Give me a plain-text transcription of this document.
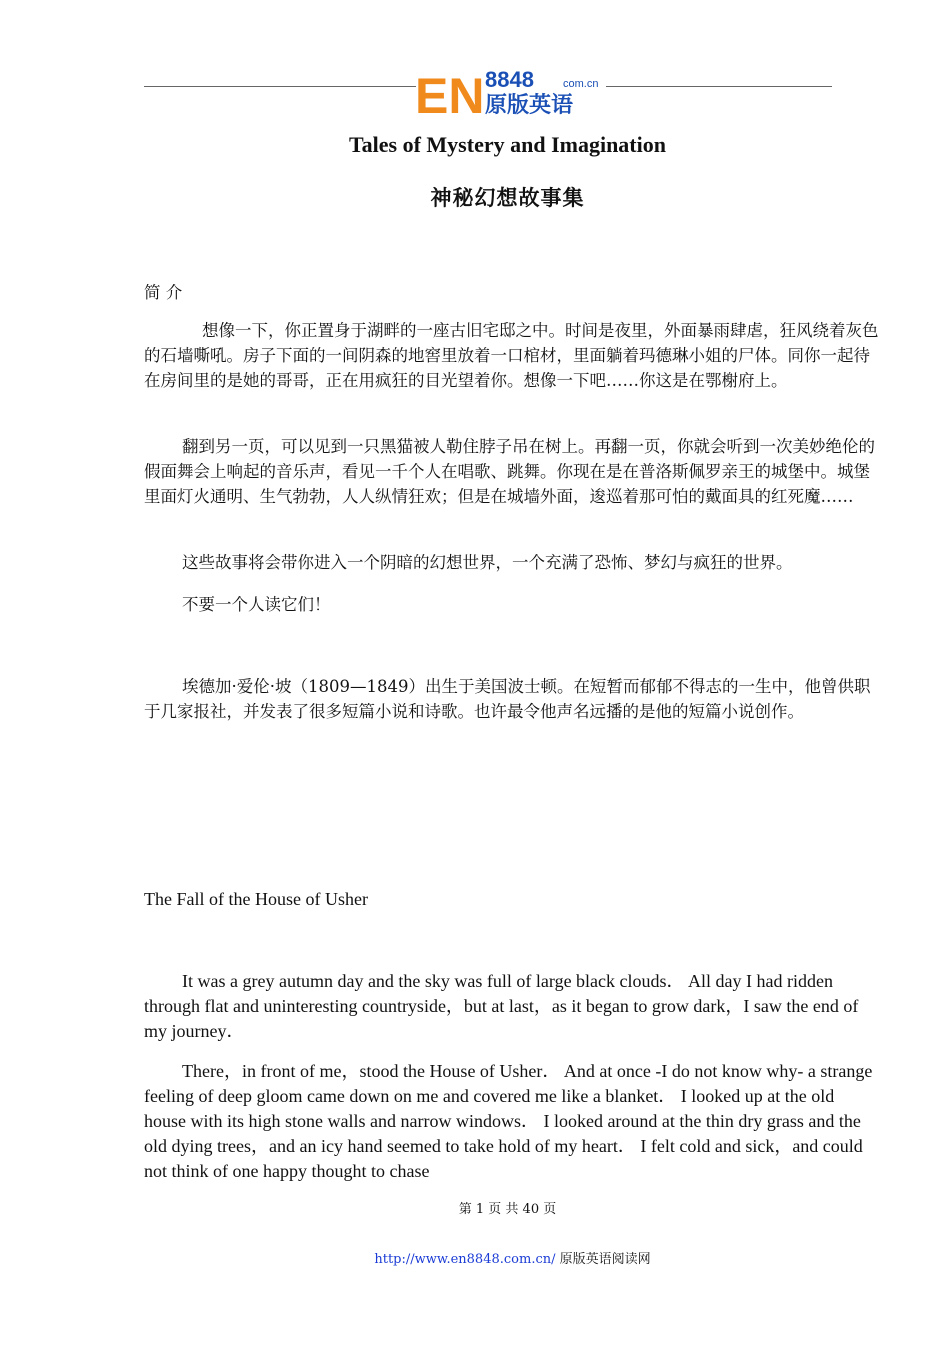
EN 8848	com.cn
原版英语
Tales of Mystery and Imagination
神秘幻想故事集
简 介
想像一下，你正置身于湖畔的一座古旧宅邸之中。时间是夜里，外面暴雨肆虐，狂风绕着灰色的石墙嘶吼。房子下面的一间阴森的地窖里放着一口棺材，里面躺着玛德琳小姐的尸体。同你一起待在房间里的是她的哥哥，正在用疯狂的目光望着你。想像一下吧……你这是在鄂榭府上。
翻到另一页，可以见到一只黑猫被人勒住脖子吊在树上。再翻一页，你就会听到一次美妙绝伦的假面舞会上响起的音乐声，看见一千个人在唱歌、跳舞。你现在是在普洛斯佩罗亲王的城堡中。城堡里面灯火通明、生气勃勃，人人纵情狂欢；但是在城墙外面，逡巡着那可怕的戴面具的红死魔……
这些故事将会带你进入一个阴暗的幻想世界，一个充满了恐怖、梦幻与疯狂的世界。
不要一个人读它们！
埃德加·爱伦·坡（1809—1849）出生于美国波士顿。在短暂而郁郁不得志的一生中，他曾供职于几家报社，并发表了很多短篇小说和诗歌。也许最令他声名远播的是他的短篇小说创作。
The Fall of the House of Usher
It was a grey autumn day and the sky was full of large black clouds． All day I had ridden through flat and uninteresting countryside，but at last，as it began to grow dark，I saw the end of my journey．
There，in front of me，stood the House of Usher． And at once -I do not know why- a strange feeling of deep gloom came down on me and covered me like a blanket． I looked up at the old house with its high stone walls and narrow windows． I looked around at the thin dry grass and the old dying trees，and an icy hand seemed to take hold of my heart． I felt cold and sick，and could not think of one happy thought to chase
第 1 页 共 40 页
http://www.en8848.com.cn/ 原版英语阅读网
